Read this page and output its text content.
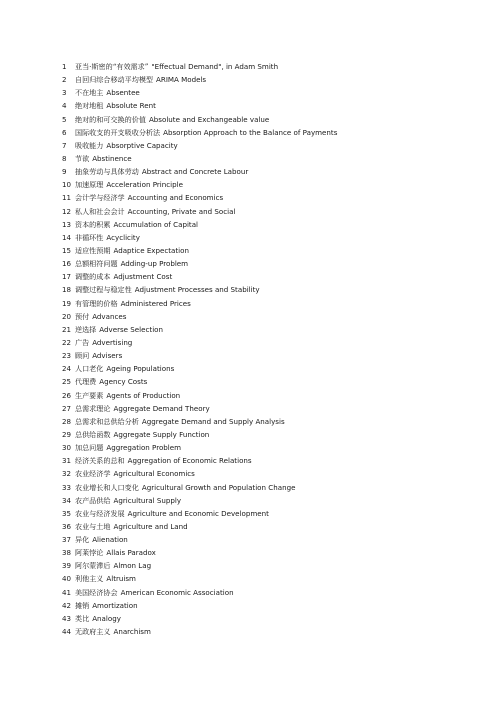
1 亚当·斯密的“有效需求” "Effectual Demand", in Adam Smith
2 自回归综合移动平均模型 ARIMA Models
3 不在地主 Absentee
4 绝对地租 Absolute Rent
5 绝对的和可交换的价值 Absolute and Exchangeable value
6 国际收支的开支吸收分析法 Absorption Approach to the Balance of Payments
7 吸收能力 Absorptive Capacity
8 节欲 Abstinence
9 抽象劳动与具体劳动 Abstract and Concrete Labour
10 加速原理 Acceleration Principle
11 会计学与经济学 Accounting and Economics
12 私人和社会会计 Accounting, Private and Social
13 资本的积累 Accumulation of Capital
14 非循环性 Acyclicity
15 适应性预期 Adaptice Expectation
16 总额相符问题 Adding-up Problem
17 调整的成本 Adjustment Cost
18 调整过程与稳定性 Adjustment Processes and Stability
19 有管理的价格 Administered Prices
20 预付 Advances
21 逆选择 Adverse Selection
22 广告 Advertising
23 顾问 Advisers
24 人口老化 Ageing Populations
25 代理费 Agency Costs
26 生产要素 Agents of Production
27 总需求理论 Aggregate Demand Theory
28 总需求和总供给分析 Aggregate Demand and Supply Analysis
29 总供给函数 Aggregate Supply Function
30 加总问题 Aggregation Problem
31 经济关系的总和 Aggregation of Economic Relations
32 农业经济学 Agricultural Economics
33 农业增长和人口变化 Agricultural Growth and Population Change
34 农产品供给 Agricultural Supply
35 农业与经济发展 Agriculture and Economic Development
36 农业与土地 Agriculture and Land
37 异化 Alienation
38 阿莱悖论 Allais Paradox
39 阿尔蒙滞后 Almon Lag
40 利他主义 Altruism
41 美国经济协会 American Economic Association
42 摊销 Amortization
43 类比 Analogy
44 无政府主义 Anarchism
